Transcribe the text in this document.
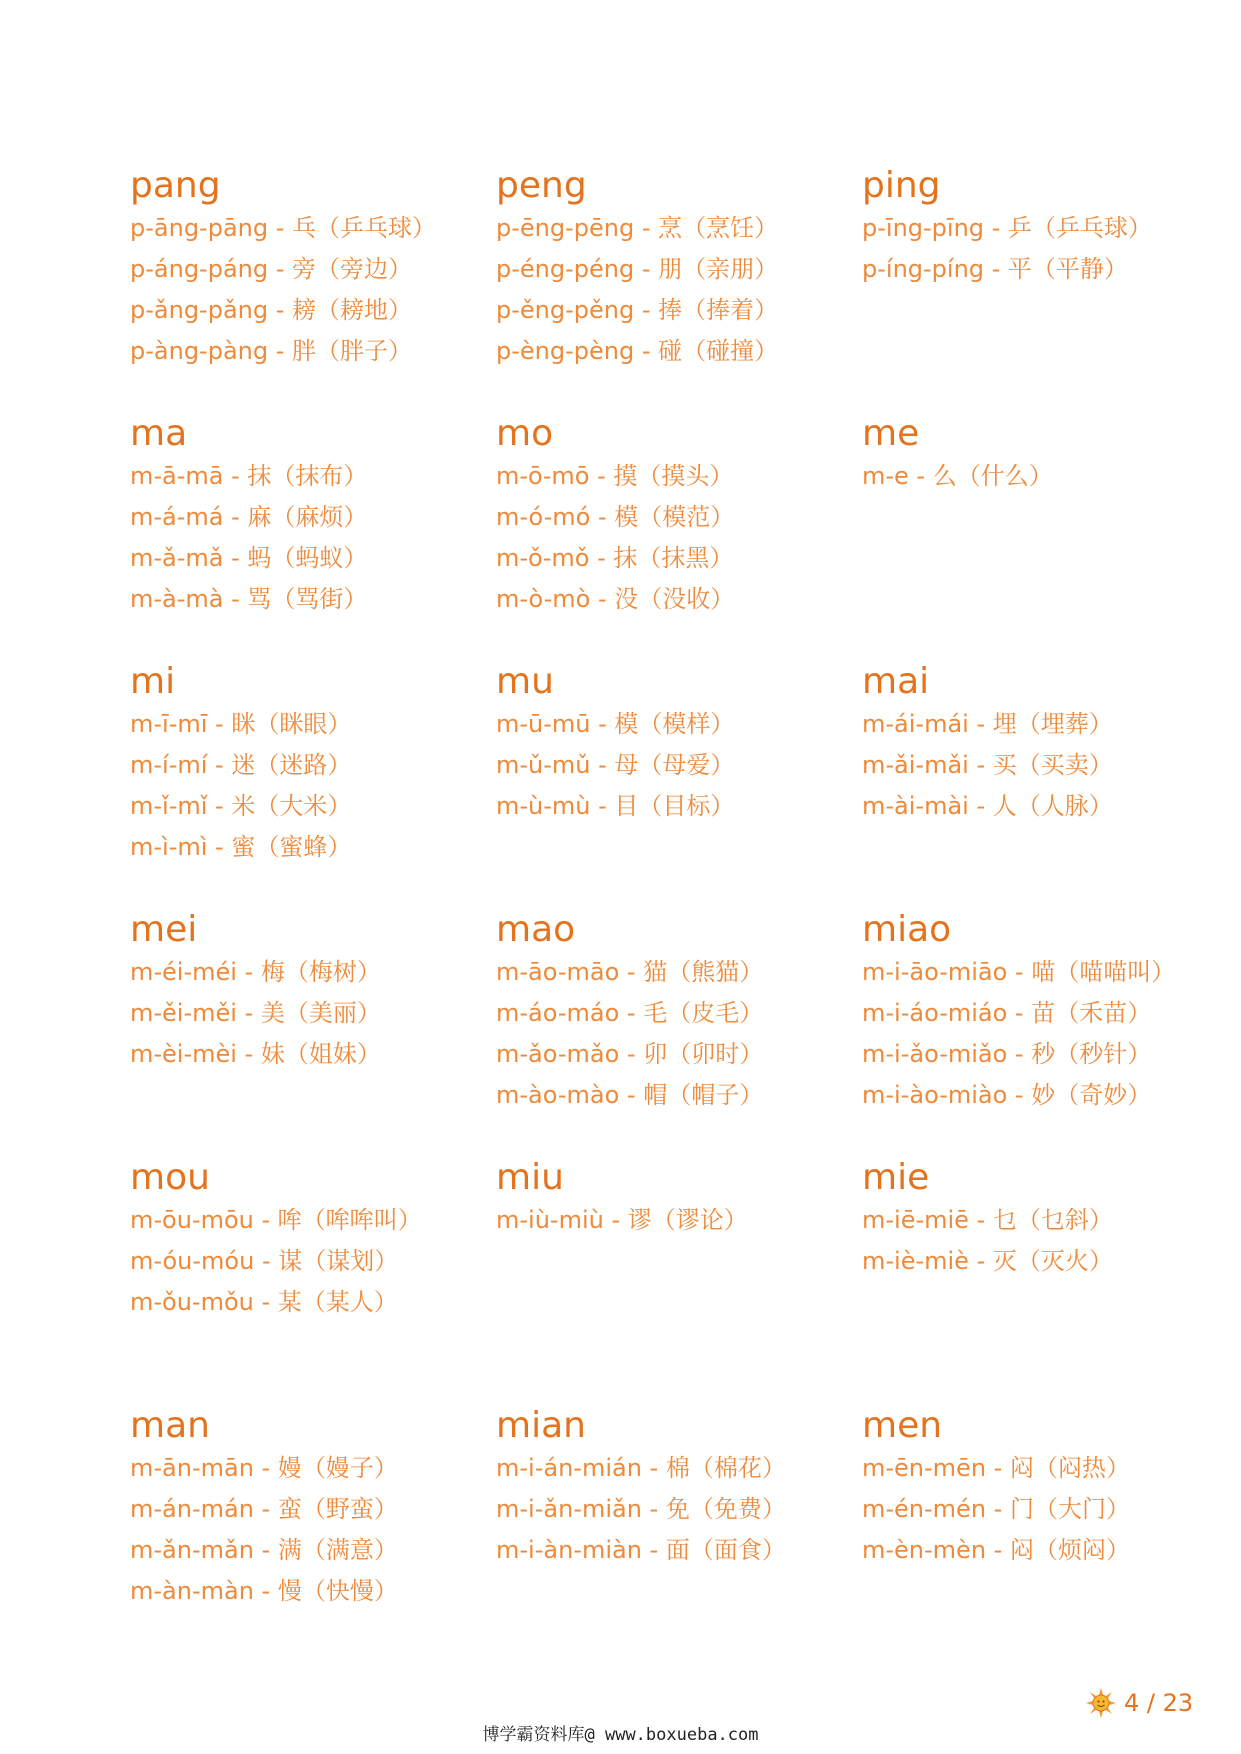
pang
p-āng-pāng - 乓（乒乓球）
p-áng-páng - 旁（旁边）
p-ǎng-pǎng - 耪（耪地）
p-àng-pàng - 胖（胖子）
peng
p-ēng-pēng - 烹（烹饪）
p-éng-péng - 朋（亲朋）
p-ěng-pěng - 捧（捧着）
p-èng-pèng - 碰（碰撞）
ping
p-īng-pīng - 乒（乒乓球）
p-íng-píng - 平（平静）
ma
m-ā-mā - 抹（抹布）
m-á-má - 麻（麻烦）
m-ǎ-mǎ - 蚂（蚂蚁）
m-à-mà - 骂（骂街）
mo
m-ō-mō - 摸（摸头）
m-ó-mó - 模（模范）
m-ǒ-mǒ - 抹（抹黑）
m-ò-mò - 没（没收）
me
m-e - 么（什么）
mi
m-ī-mī - 眯（眯眼）
m-í-mí - 迷（迷路）
m-ǐ-mǐ - 米（大米）
m-ì-mì - 蜜（蜜蜂）
mu
m-ū-mū - 模（模样）
m-ǔ-mǔ - 母（母爱）
m-ù-mù - 目（目标）
mai
m-ái-mái - 埋（埋葬）
m-ǎi-mǎi - 买（买卖）
m-ài-mài - 人（人脉）
mei
m-éi-méi - 梅（梅树）
m-ěi-měi - 美（美丽）
m-èi-mèi - 妹（姐妹）
mao
m-āo-māo - 猫（熊猫）
m-áo-máo - 毛（皮毛）
m-ǎo-mǎo - 卯（卯时）
m-ào-mào - 帽（帽子）
miao
m-i-āo-miāo - 喵（喵喵叫）
m-i-áo-miáo - 苗（禾苗）
m-i-ǎo-miǎo - 秒（秒针）
m-i-ào-miào - 妙（奇妙）
mou
m-ōu-mōu - 哞（哞哞叫）
m-óu-móu - 谋（谋划）
m-ǒu-mǒu - 某（某人）
miu
m-iù-miù - 谬（谬论）
mie
m-iē-miē - 乜（乜斜）
m-iè-miè - 灭（灭火）
man
m-ān-mān - 嫚（嫚子）
m-án-mán - 蛮（野蛮）
m-ǎn-mǎn - 满（满意）
m-àn-màn - 慢（快慢）
mian
m-i-án-mián - 棉（棉花）
m-i-ǎn-miǎn - 免（免费）
m-i-àn-miàn - 面（面食）
men
m-ēn-mēn - 闷（闷热）
m-én-mén - 门（大门）
m-èn-mèn - 闷（烦闷）
4 / 23
博学霸资料库@ www.boxueba.com
